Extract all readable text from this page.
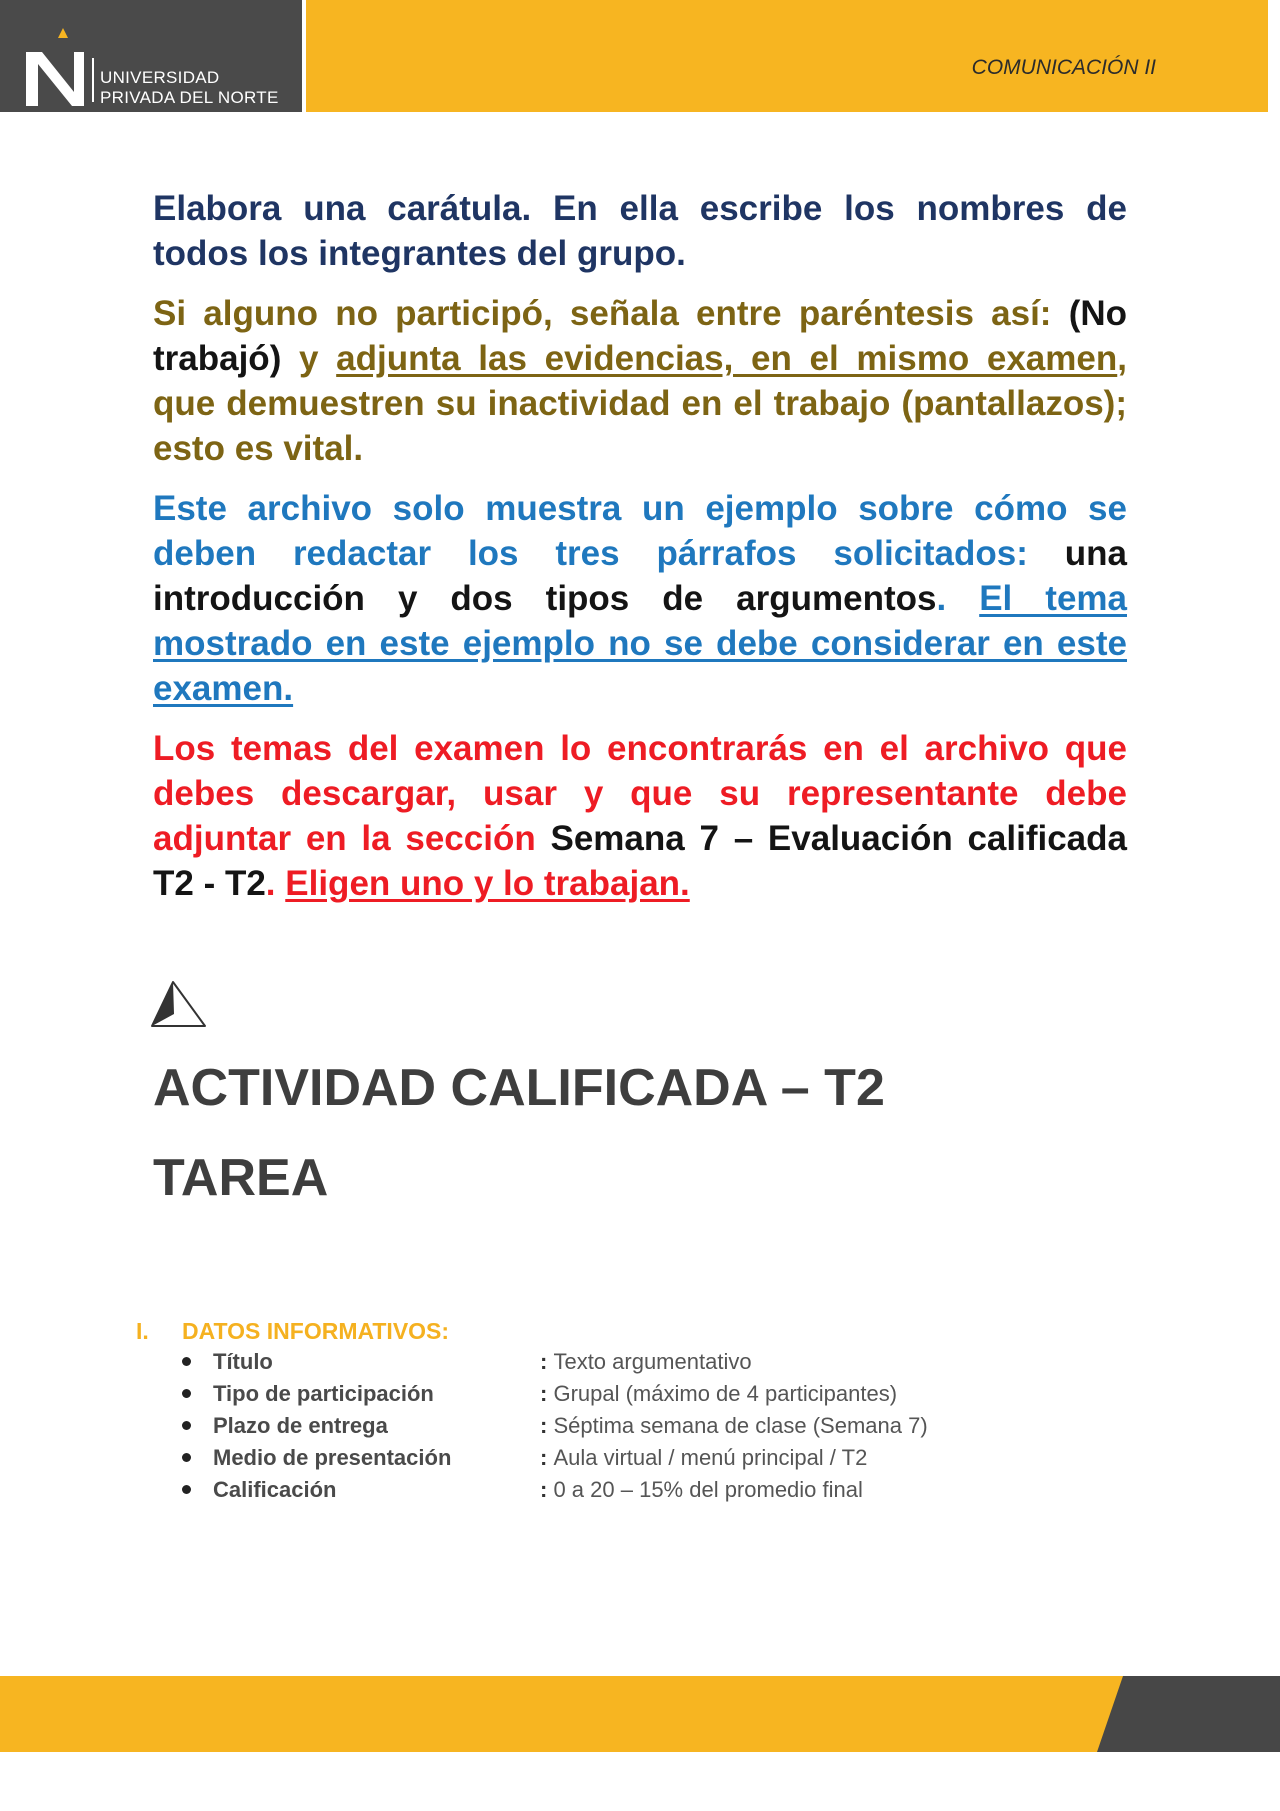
UNIVERSIDAD
PRIVADA DEL NORTE
COMUNICACIÓN II

Elabora una carátula. En ella escribe los nombres de todos los integrantes del grupo.

Si alguno no participó, señala entre paréntesis así: (No trabajó) y adjunta las evidencias, en el mismo examen, que demuestren su inactividad en el trabajo (pantallazos); esto es vital.

Este archivo solo muestra un ejemplo sobre cómo se deben redactar los tres párrafos solicitados: una introducción y dos tipos de argumentos. El tema mostrado en este ejemplo no se debe considerar en este examen.

Los temas del examen lo encontrarás en el archivo que debes descargar, usar y que su representante debe adjuntar en la sección Semana 7 – Evaluación calificada T2 - T2. Eligen uno y lo trabajan.

ACTIVIDAD CALIFICADA – T2
TAREA
I. DATOS INFORMATIVOS:
Título	: Texto argumentativo
Tipo de participación	: Grupal (máximo de 4 participantes)
Plazo de entrega	: Séptima semana de clase (Semana 7)
Medio de presentación	: Aula virtual / menú principal / T2
Calificación	: 0 a 20 – 15% del promedio final
